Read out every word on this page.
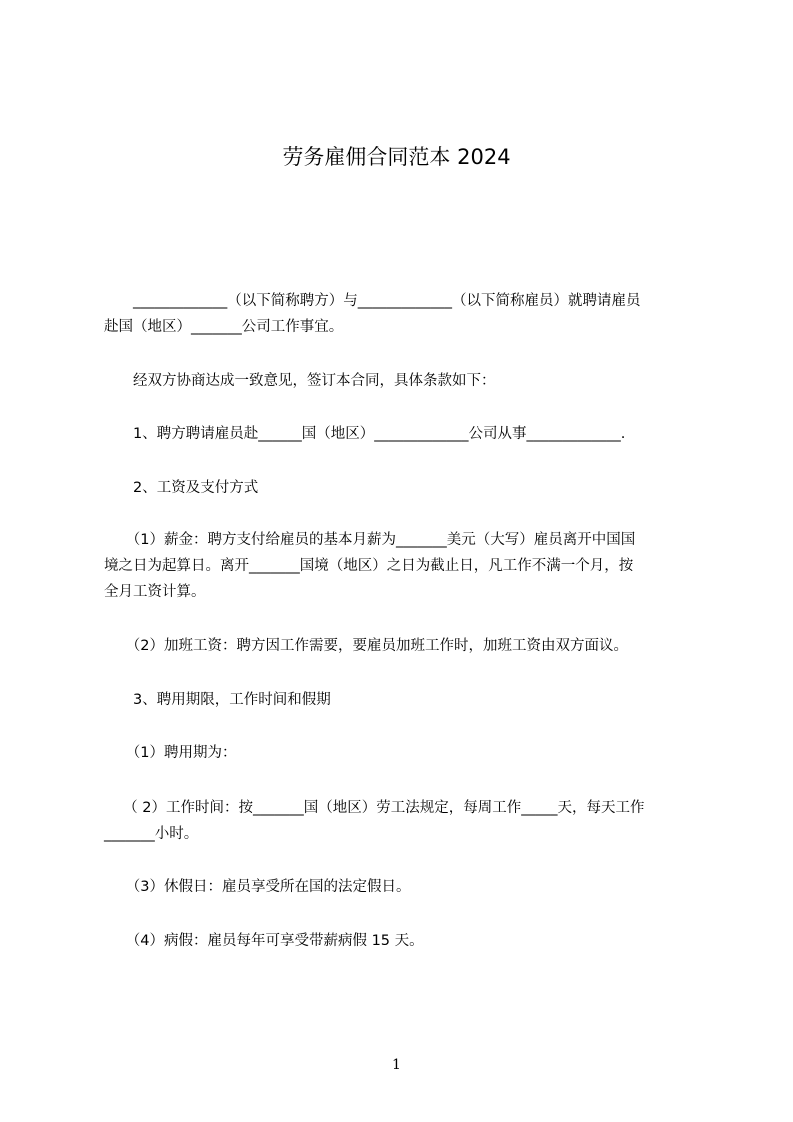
劳务雇佣合同范本 2024

　　_____________（以下简称聘方）与_____________（以下简称雇员）就聘请雇员
赴国（地区）_______公司工作事宜。

　　经双方协商达成一致意见，签订本合同，具体条款如下：

　　1、聘方聘请雇员赴______国（地区）_____________公司从事_____________.

　　2、工资及支付方式

　　（1）薪金：聘方支付给雇员的基本月薪为_______美元（大写）雇员离开中国国
境之日为起算日。离开_______国境（地区）之日为截止日，凡工作不满一个月，按
全月工资计算。

　　（2）加班工资：聘方因工作需要，要雇员加班工作时，加班工资由双方面议。

　　3、聘用期限，工作时间和假期

　　（1）聘用期为：

　 （ 2）工作时间：按_______国（地区）劳工法规定，每周工作_____天，每天工作
_______小时。

　　（3）休假日：雇员享受所在国的法定假日。

　　（4）病假：雇员每年可享受带薪病假 15 天。

1
